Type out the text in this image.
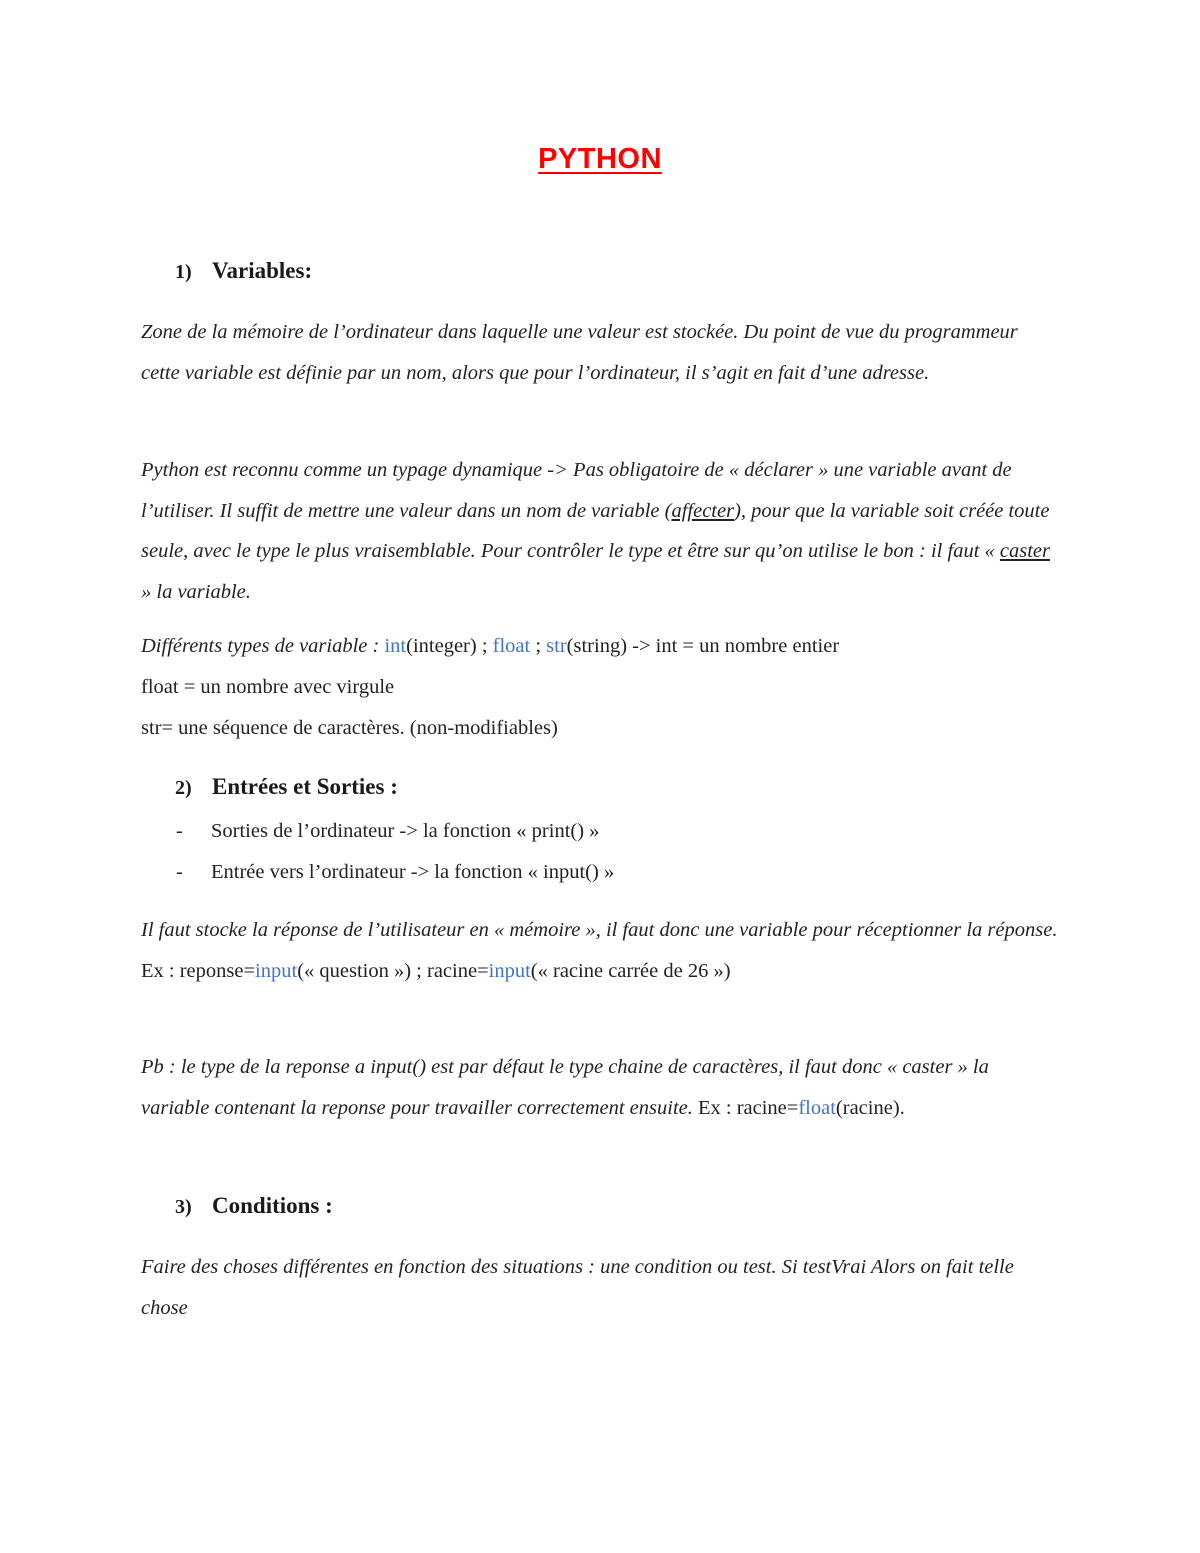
PYTHON
1) Variables:
Zone de la mémoire de l’ordinateur dans laquelle une valeur est stockée. Du point de vue du programmeur cette variable est définie par un nom, alors que pour l’ordinateur, il s’agit en fait d’une adresse.
Python est reconnu comme un typage dynamique -> Pas obligatoire de « déclarer » une variable avant de l’utiliser. Il suffit de mettre une valeur dans un nom de variable (affecter), pour que la variable soit créée toute seule, avec le type le plus vraisemblable. Pour contrôler le type et être sur qu’on utilise le bon : il faut « caster » la variable.
Différents types de variable : int(integer) ; float ; str(string) -> int = un nombre entier
float = un nombre avec virgule
str= une séquence de caractères. (non-modifiables)
2) Entrées et Sorties :
- Sorties de l’ordinateur -> la fonction « print() »
- Entrée vers l’ordinateur -> la fonction « input() »
Il faut stocke la réponse de l’utilisateur en « mémoire », il faut donc une variable pour réceptionner la réponse. Ex : reponse=input(« question ») ; racine=input(« racine carrée de 26 »)
Pb : le type de la reponse a input() est par défaut le type chaine de caractères, il faut donc « caster » la variable contenant la reponse pour travailler correctement ensuite. Ex : racine=float(racine).
3) Conditions :
Faire des choses différentes en fonction des situations : une condition ou test. Si testVrai Alors on fait telle chose
